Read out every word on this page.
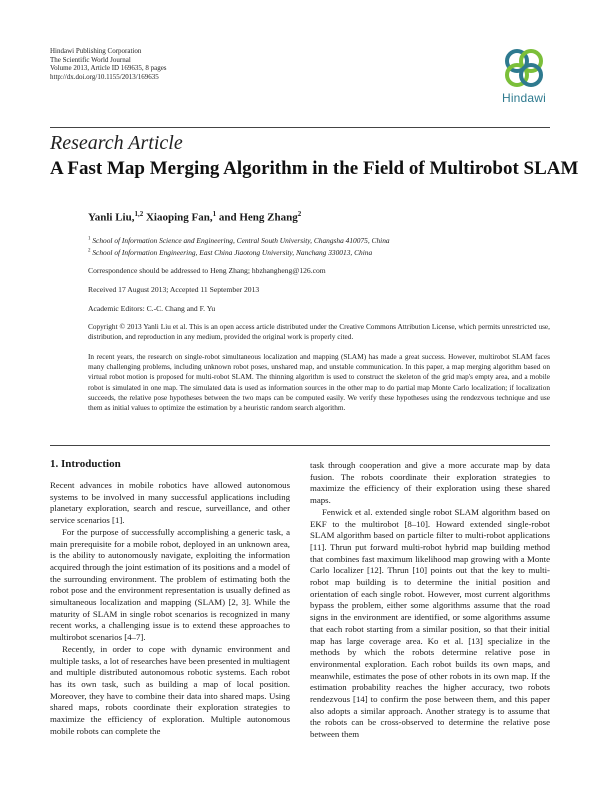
Hindawi Publishing Corporation
The Scientific World Journal
Volume 2013, Article ID 169635, 8 pages
http://dx.doi.org/10.1155/2013/169635
Hindawi
Research Article
A Fast Map Merging Algorithm in the Field of Multirobot SLAM
Yanli Liu,$^{1,2}$ Xiaoping Fan,$^1$ and Heng Zhang$^2$
$^1$ School of Information Science and Engineering, Central South University, Changsha 410075, China
$^2$ School of Information Engineering, East China Jiaotong University, Nanchang 330013, China
Correspondence should be addressed to Heng Zhang; hbzhangheng@126.com
Received 17 August 2013; Accepted 11 September 2013
Academic Editors: C.-C. Chang and F. Yu
Copyright © 2013 Yanli Liu et al. This is an open access article distributed under the Creative Commons Attribution License, which permits unrestricted use, distribution, and reproduction in any medium, provided the original work is properly cited.
In recent years, the research on single-robot simultaneous localization and mapping (SLAM) has made a great success. However, multirobot SLAM faces many challenging problems, including unknown robot poses, unshared map, and unstable communication. In this paper, a map merging algorithm based on virtual robot motion is proposed for multi-robot SLAM. The thinning algorithm is used to construct the skeleton of the grid map's empty area, and a mobile robot is simulated in one map. The simulated data is used as information sources in the other map to do partial map Monte Carlo localization; if localization succeeds, the relative pose hypotheses between the two maps can be computed easily. We verify these hypotheses using the rendezvous technique and use them as initial values to optimize the estimation by a heuristic random search algorithm.
1. Introduction

Recent advances in mobile robotics have allowed autonomous systems to be involved in many successful applications including planetary exploration, search and rescue, surveillance, and other service scenarios [1].

For the purpose of successfully accomplishing a generic task, a main prerequisite for a mobile robot, deployed in an unknown area, is the ability to autonomously navigate, exploiting the information acquired through the joint estimation of its positions and a model of the surrounding environment. The problem of estimating both the robot pose and the environment representation is usually defined as simultaneous localization and mapping (SLAM) [2, 3]. While the maturity of SLAM in single robot scenarios is recognized in many recent works, a challenging issue is to extend these approaches to multirobot scenarios [4–7].

Recently, in order to cope with dynamic environment and multiple tasks, a lot of researches have been presented in multiagent and multiple distributed autonomous robotic systems. Each robot has its own task, such as building a map of local position. Moreover, they have to combine their data into shared maps. Using shared maps, robots coordinate their exploration strategies to maximize the efficiency of exploration. Multiple autonomous mobile robots can complete the

task through cooperation and give a more accurate map by data fusion. The robots coordinate their exploration strategies to maximize the efficiency of their exploration using these shared maps.

Fenwick et al. extended single robot SLAM algorithm based on EKF to the multirobot [8–10]. Howard extended single-robot SLAM algorithm based on particle filter to multi-robot applications [11]. Thrun put forward multi-robot hybrid map building method that combines fast maximum likelihood map growing with a Monte Carlo localizer [12]. Thrun [10] points out that the key to multi-robot map building is to determine the initial position and orientation of each single robot. However, most current algorithms bypass the problem, either some algorithms assume that the road signs in the environment are identified, or some algorithms assume that each robot starting from a similar position, so that their initial map has large coverage area. Ko et al. [13] specialize in the methods by which the robots determine relative pose in environmental exploration. Each robot builds its own maps, and meanwhile, estimates the pose of other robots in its own map. If the estimation probability reaches the higher accuracy, two robots rendezvous [14] to confirm the pose between them, and this paper also adopts a similar approach. Another strategy is to assume that the robots can be cross-observed to determine the relative pose between them
